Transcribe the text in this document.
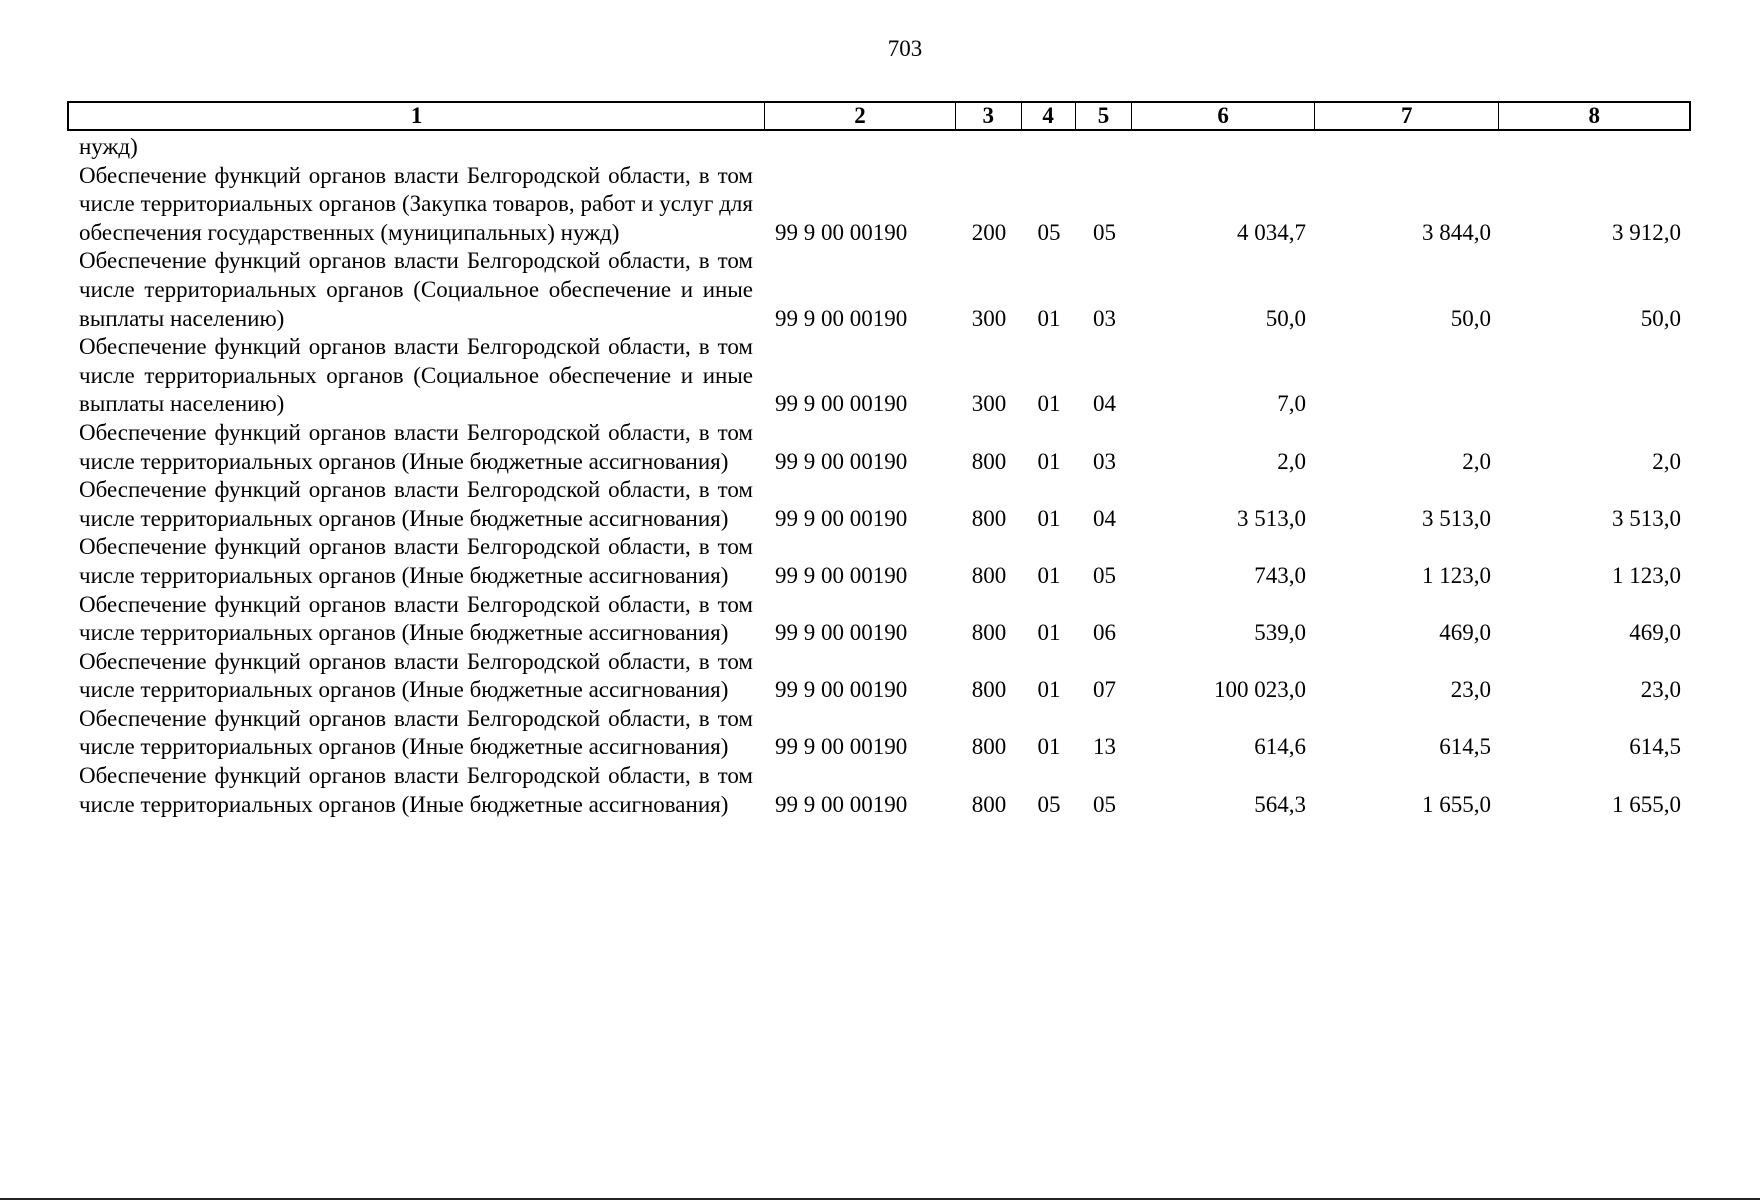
703
1	2	3	4	5	6	7	8
нужд)
Обеспечение функций органов власти Белгородской области, в том числе территориальных органов (Закупка товаров, работ и услуг для обеспечения государственных (муниципальных) нужд)	99 9 00 00190	200	05	05	4 034,7	3 844,0	3 912,0
Обеспечение функций органов власти Белгородской области, в том числе территориальных органов (Социальное обеспечение и иные выплаты населению)	99 9 00 00190	300	01	03	50,0	50,0	50,0
Обеспечение функций органов власти Белгородской области, в том числе территориальных органов (Социальное обеспечение и иные выплаты населению)	99 9 00 00190	300	01	04	7,0
Обеспечение функций органов власти Белгородской области, в том числе территориальных органов (Иные бюджетные ассигнования)	99 9 00 00190	800	01	03	2,0	2,0	2,0
Обеспечение функций органов власти Белгородской области, в том числе территориальных органов (Иные бюджетные ассигнования)	99 9 00 00190	800	01	04	3 513,0	3 513,0	3 513,0
Обеспечение функций органов власти Белгородской области, в том числе территориальных органов (Иные бюджетные ассигнования)	99 9 00 00190	800	01	05	743,0	1 123,0	1 123,0
Обеспечение функций органов власти Белгородской области, в том числе территориальных органов (Иные бюджетные ассигнования)	99 9 00 00190	800	01	06	539,0	469,0	469,0
Обеспечение функций органов власти Белгородской области, в том числе территориальных органов (Иные бюджетные ассигнования)	99 9 00 00190	800	01	07	100 023,0	23,0	23,0
Обеспечение функций органов власти Белгородской области, в том числе территориальных органов (Иные бюджетные ассигнования)	99 9 00 00190	800	01	13	614,6	614,5	614,5
Обеспечение функций органов власти Белгородской области, в том числе территориальных органов (Иные бюджетные ассигнования)	99 9 00 00190	800	05	05	564,3	1 655,0	1 655,0
